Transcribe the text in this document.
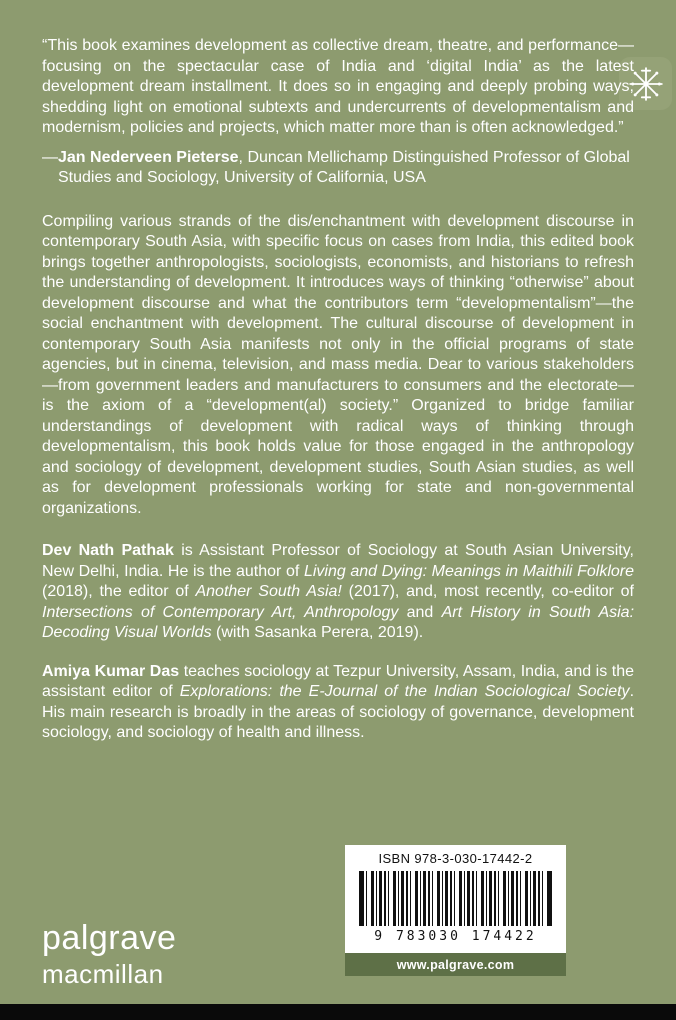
“This book examines development as collective dream, theatre, and performance—focusing on the spectacular case of India and ‘digital India’ as the latest development dream installment. It does so in engaging and deeply probing ways, shedding light on emotional subtexts and undercurrents of developmentalism and modernism, policies and projects, which matter more than is often acknowledged.”

—Jan Nederveen Pieterse, Duncan Mellichamp Distinguished Professor of Global Studies and Sociology, University of California, USA

Compiling various strands of the dis/enchantment with development discourse in contemporary South Asia, with specific focus on cases from India, this edited book brings together anthropologists, sociologists, economists, and historians to refresh the understanding of development. It introduces ways of thinking “otherwise” about development discourse and what the contributors term “developmentalism”—the social enchantment with development. The cultural discourse of development in contemporary South Asia manifests not only in the official programs of state agencies, but in cinema, television, and mass media. Dear to various stakeholders—from government leaders and manufacturers to consumers and the electorate—is the axiom of a “development(al) society.” Organized to bridge familiar understandings of development with radical ways of thinking through developmentalism, this book holds value for those engaged in the anthropology and sociology of development, development studies, South Asian studies, as well as for development professionals working for state and non-governmental organizations.

Dev Nath Pathak is Assistant Professor of Sociology at South Asian University, New Delhi, India. He is the author of Living and Dying: Meanings in Maithili Folklore (2018), the editor of Another South Asia! (2017), and, most recently, co-editor of Intersections of Contemporary Art, Anthropology and Art History in South Asia: Decoding Visual Worlds (with Sasanka Perera, 2019).

Amiya Kumar Das teaches sociology at Tezpur University, Assam, India, and is the assistant editor of Explorations: the E-Journal of the Indian Sociological Society. His main research is broadly in the areas of sociology of governance, development sociology, and sociology of health and illness.

ISBN 978-3-030-17442-2
9 783030 174422
www.palgrave.com
palgrave
macmillan
